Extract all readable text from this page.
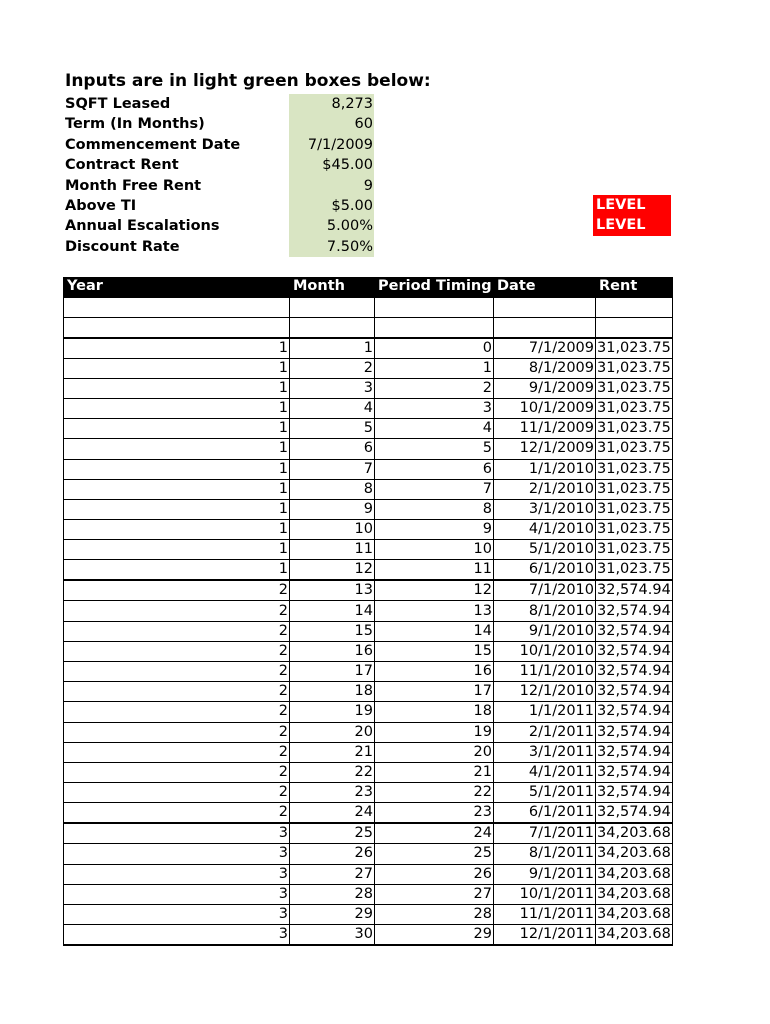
Inputs are in light green boxes below:
SQFT Leased	8,273
Term (In Months)	60
Commencement Date	7/1/2009
Contract Rent	$45.00
Month Free Rent	9
Above TI	$5.00
Annual Escalations	5.00%
Discount Rate	7.50%
LEVEL
LEVEL
Year	Month	Period Timing	Date	Rent

1	1	0	7/1/2009	31,023.75
1	2	1	8/1/2009	31,023.75
1	3	2	9/1/2009	31,023.75
1	4	3	10/1/2009	31,023.75
1	5	4	11/1/2009	31,023.75
1	6	5	12/1/2009	31,023.75
1	7	6	1/1/2010	31,023.75
1	8	7	2/1/2010	31,023.75
1	9	8	3/1/2010	31,023.75
1	10	9	4/1/2010	31,023.75
1	11	10	5/1/2010	31,023.75
1	12	11	6/1/2010	31,023.75
2	13	12	7/1/2010	32,574.94
2	14	13	8/1/2010	32,574.94
2	15	14	9/1/2010	32,574.94
2	16	15	10/1/2010	32,574.94
2	17	16	11/1/2010	32,574.94
2	18	17	12/1/2010	32,574.94
2	19	18	1/1/2011	32,574.94
2	20	19	2/1/2011	32,574.94
2	21	20	3/1/2011	32,574.94
2	22	21	4/1/2011	32,574.94
2	23	22	5/1/2011	32,574.94
2	24	23	6/1/2011	32,574.94
3	25	24	7/1/2011	34,203.68
3	26	25	8/1/2011	34,203.68
3	27	26	9/1/2011	34,203.68
3	28	27	10/1/2011	34,203.68
3	29	28	11/1/2011	34,203.68
3	30	29	12/1/2011	34,203.68
